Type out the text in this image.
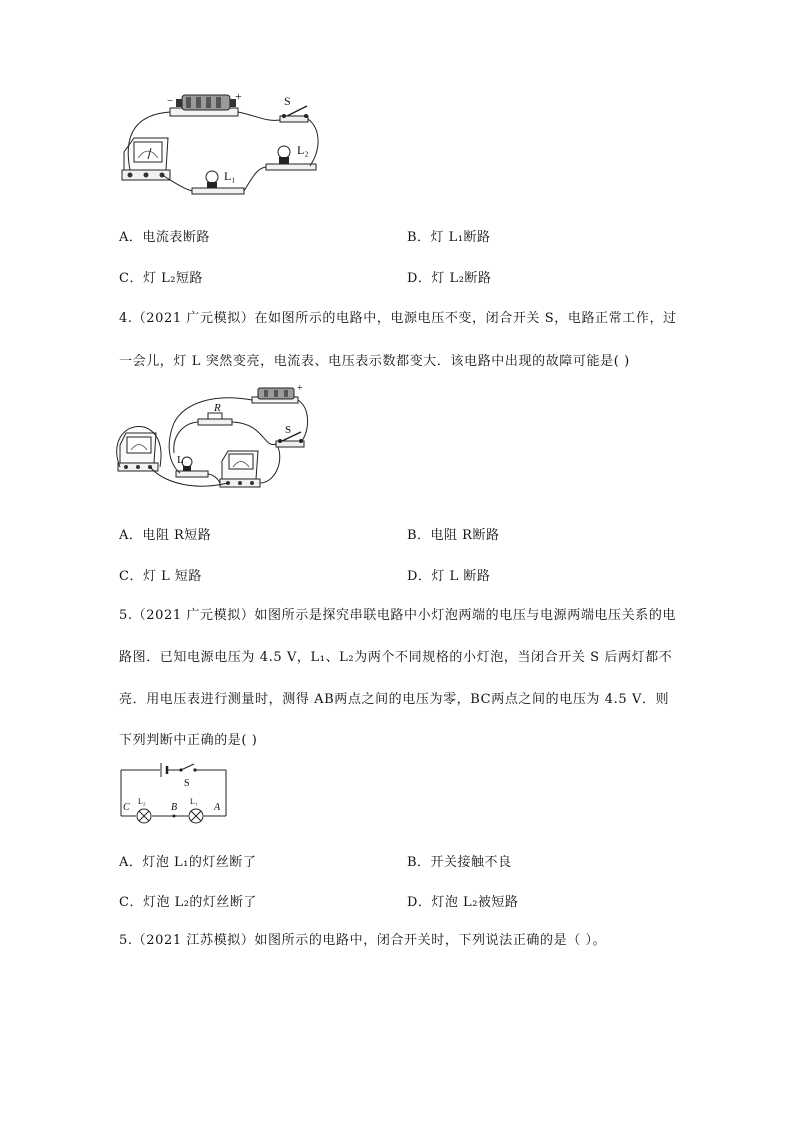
−	+	S
L₁
L₂
A．电流表断路	B．灯 L₁断路
C．灯 L₂短路	D．灯 L₂断路
4.（2021 广元模拟）在如图所示的电路中，电源电压不变，闭合开关 S，电路正常工作，过
一会儿，灯 L 突然变亮，电流表、电压表示数都变大．该电路中出现的故障可能是( )
+
R
S
L
A．电阻 R短路	B．电阻 R断路
C．灯 L 短路	D．灯 L 断路
5.（2021 广元模拟）如图所示是探究串联电路中小灯泡两端的电压与电源两端电压关系的电
路图．已知电源电压为 4.5 V，L₁、L₂为两个不同规格的小灯泡，当闭合开关 S 后两灯都不
亮．用电压表进行测量时，测得 AB两点之间的电压为零，BC两点之间的电压为 4.5 V．则
下列判断中正确的是( )
S
C
L₂
B
L₁
A
A．灯泡 L₁的灯丝断了	B．开关接触不良
C．灯泡 L₂的灯丝断了	D．灯泡 L₂被短路
5.（2021 江苏模拟）如图所示的电路中，闭合开关时，下列说法正确的是（ ）。
